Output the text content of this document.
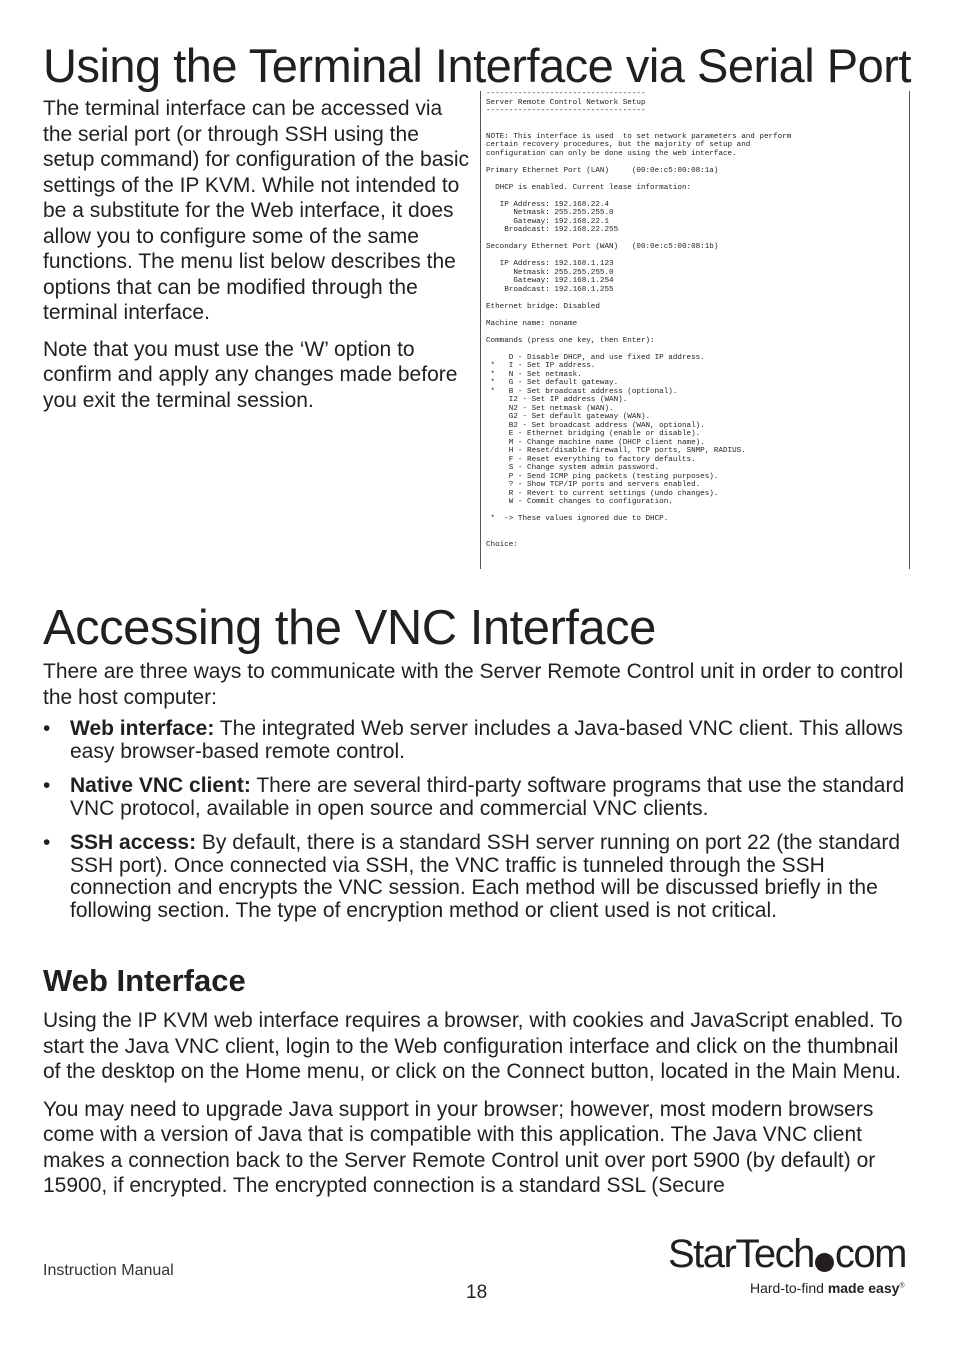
Using the Terminal Interface via Serial Port

The terminal interface can be accessed via the serial port (or through SSH using the setup command) for configuration of the basic settings of the IP KVM. While not intended to be a substitute for the Web interface, it does allow you to configure some of the same functions. The menu list below describes the options that can be modified through the terminal interface.

Note that you must use the ‘W’ option to confirm and apply any changes made before you exit the terminal session.

-----------------------------------
Server Remote Control Network Setup
-----------------------------------

NOTE: This interface is used  to set network parameters and perform
certain recovery procedures, but the majority of setup and
configuration can only be done using the web interface.

Primary Ethernet Port (LAN)     (00:0e:c5:00:08:1a)

DHCP is enabled. Current lease information:

IP Address: 192.168.22.4
Netmask: 255.255.255.0
Gateway: 192.168.22.1
Broadcast: 192.168.22.255

Secondary Ethernet Port (WAN)   (00:0e:c5:00:08:1b)

IP Address: 192.168.1.123
Netmask: 255.255.255.0
Gateway: 192.168.1.254
Broadcast: 192.168.1.255

Ethernet bridge: Disabled

Machine name: noname

Commands (press one key, then Enter):

D - Disable DHCP, and use fixed IP address.
*   I - Set IP address.
*   N - Set netmask.
*   G - Set default gateway.
*   B - Set broadcast address (optional).
I2 - Set IP address (WAN).
N2 - Set netmask (WAN).
G2 - Set default gateway (WAN).
B2 - Set broadcast address (WAN, optional).
E - Ethernet bridging (enable or disable).
M - Change machine name (DHCP client name).
H - Reset/disable firewall, TCP ports, SNMP, RADIUS.
F - Reset everything to factory defaults.
S - Change system admin password.
P - Send ICMP ping packets (testing purposes).
? - Show TCP/IP ports and servers enabled.
R - Revert to current settings (undo changes).
W - Commit changes to configuration.

*  -> These values ignored due to DHCP.

Choice:
Accessing the VNC Interface

There are three ways to communicate with the Server Remote Control unit in order to control the host computer:

• Web interface: The integrated Web server includes a Java-based VNC client. This allows easy browser-based remote control.
• Native VNC client: There are several third-party software programs that use the standard VNC protocol, available in open source and commercial VNC clients.
• SSH access: By default, there is a standard SSH server running on port 22 (the standard SSH port). Once connected via SSH, the VNC traffic is tunneled through the SSH connection and encrypts the VNC session. Each method will be discussed briefly in the following section. The type of encryption method or client used is not critical.
Web Interface

Using the IP KVM web interface requires a browser, with cookies and JavaScript enabled. To start the Java VNC client, login to the Web configuration interface and click on the thumbnail of the desktop on the Home menu, or click on the Connect button, located in the Main Menu.

You may need to upgrade Java support in your browser; however, most modern browsers come with a version of Java that is compatible with this application. The Java VNC client makes a connection back to the Server Remote Control unit over port 5900 (by default) or 15900, if encrypted. The encrypted connection is a standard SSL (Secure

Instruction Manual
18
StarTech com
Hard-to-find made easy®
